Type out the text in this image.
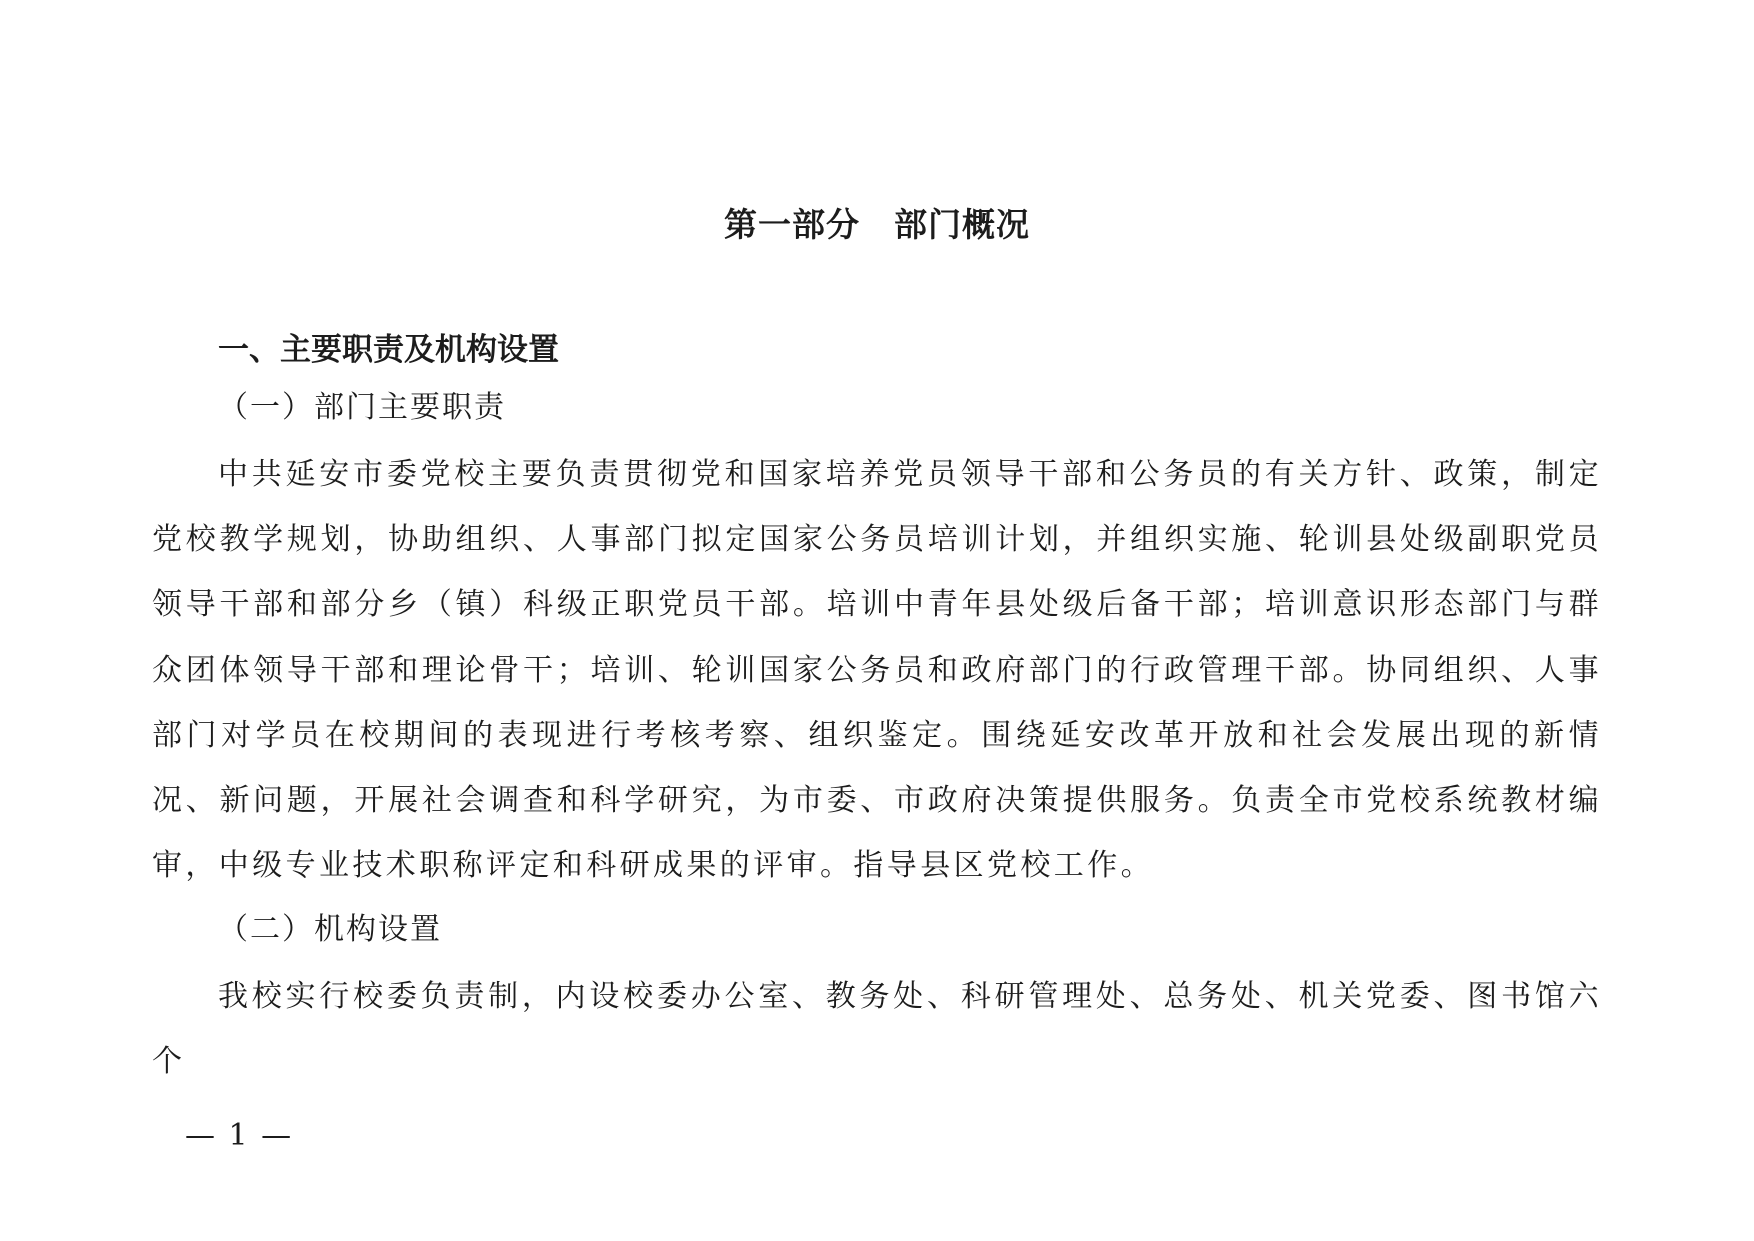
第一部分　部门概况
一、主要职责及机构设置
（一）部门主要职责

中共延安市委党校主要负责贯彻党和国家培养党员领导干部和公务员的有关方针、政策，制定党校教学规划，协助组织、人事部门拟定国家公务员培训计划，并组织实施、轮训县处级副职党员领导干部和部分乡（镇）科级正职党员干部。培训中青年县处级后备干部；培训意识形态部门与群众团体领导干部和理论骨干；培训、轮训国家公务员和政府部门的行政管理干部。协同组织、人事部门对学员在校期间的表现进行考核考察、组织鉴定。围绕延安改革开放和社会发展出现的新情况、新问题，开展社会调查和科学研究，为市委、市政府决策提供服务。负责全市党校系统教材编审，中级专业技术职称评定和科研成果的评审。指导县区党校工作。

（二）机构设置

我校实行校委负责制，内设校委办公室、教务处、科研管理处、总务处、机关党委、图书馆六个

— 1 —
